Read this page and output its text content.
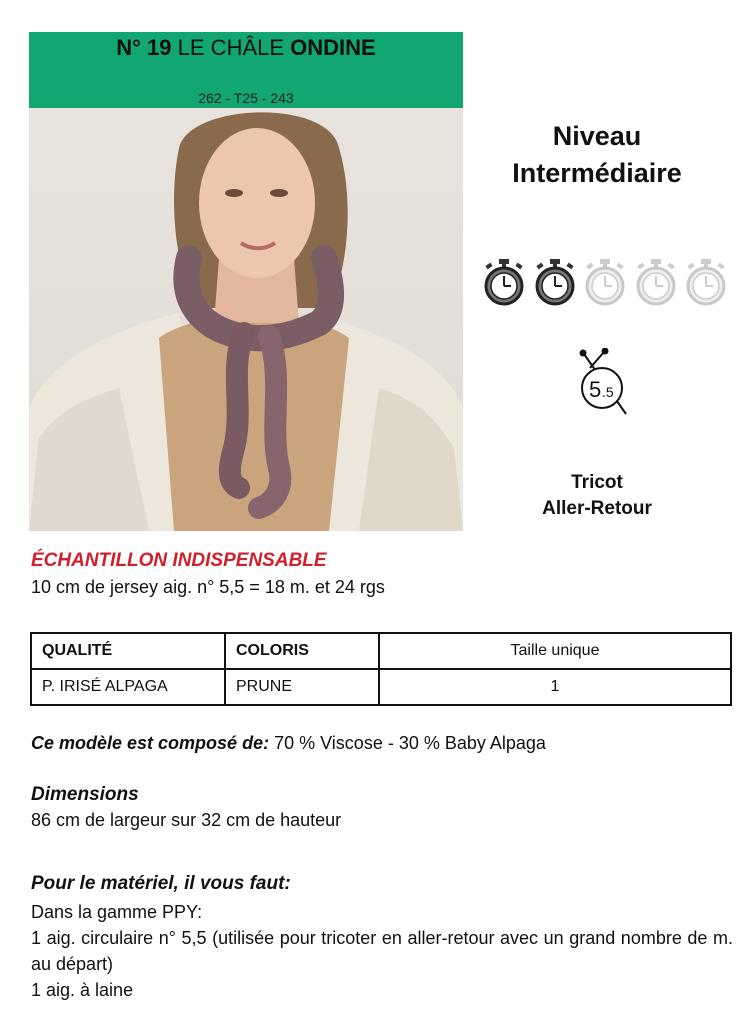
N° 19 LE CHÂLE ONDINE
262 - T25 - 243
Niveau
Intermédiaire
5 .5
Tricot
Aller-Retour
ÉCHANTILLON INDISPENSABLE
10 cm de jersey aig. n° 5,5 = 18 m. et 24 rgs
QUALITÉ	COLORIS	Taille unique
P. IRISÉ ALPAGA	PRUNE	1
Ce modèle est composé de: 70 % Viscose - 30 % Baby Alpaga
Dimensions
86 cm de largeur sur 32 cm de hauteur
Pour le matériel, il vous faut:
Dans la gamme PPY:
1 aig. circulaire n° 5,5 (utilisée pour tricoter en aller-retour avec un grand nombre de m. au départ)
1 aig. à laine
